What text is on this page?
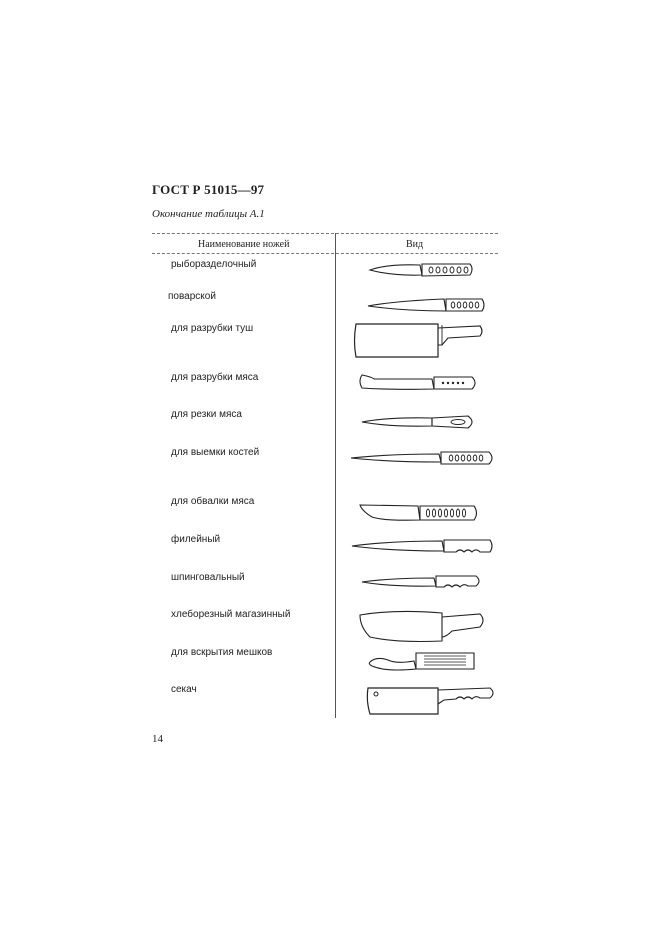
ГОСТ Р 51015—97
Окончание таблицы А.1
Наименование ножей	Вид
рыборазделочный
поварской
для разрубки туш
для разрубки мяса
для резки мяса
для выемки костей
для обвалки мяса
филейный
шпинговальный
хлеборезный магазинный
для вскрытия мешков
секач
14
